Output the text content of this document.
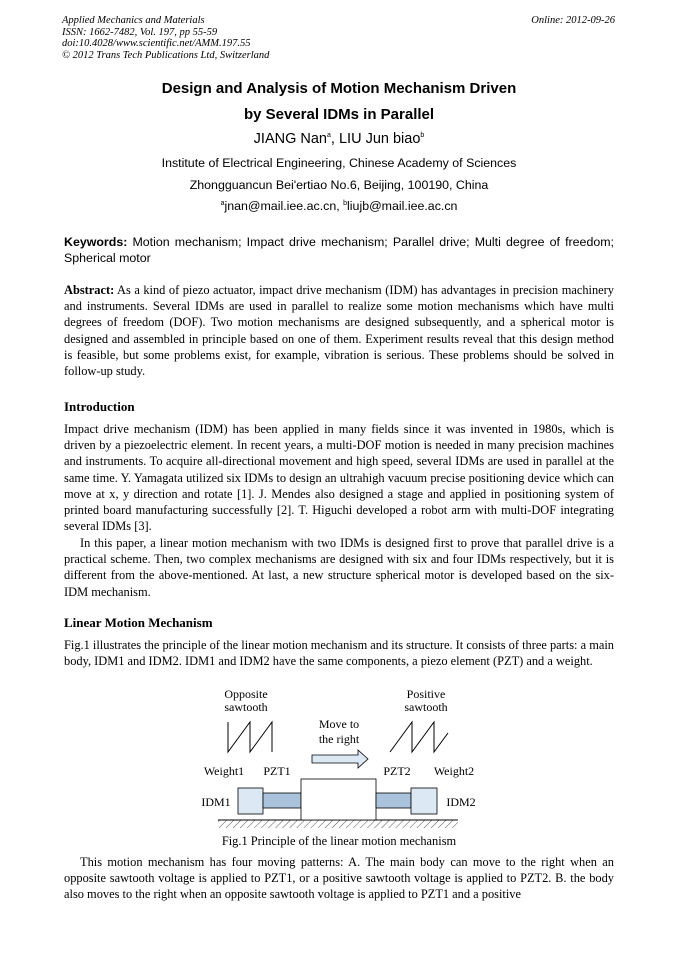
Applied Mechanics and Materials
ISSN: 1662-7482, Vol. 197, pp 55-59
doi:10.4028/www.scientific.net/AMM.197.55
© 2012 Trans Tech Publications Ltd, Switzerland
Online: 2012-09-26
Design and Analysis of Motion Mechanism Driven
by Several IDMs in Parallel
JIANG Nan$^a$, LIU Jun biao$^b$
Institute of Electrical Engineering, Chinese Academy of Sciences
Zhongguancun Bei'ertiao No.6, Beijing, 100190, China
$^a$jnan@mail.iee.ac.cn, $^b$liujb@mail.iee.ac.cn
Keywords: Motion mechanism; Impact drive mechanism; Parallel drive; Multi degree of freedom; Spherical motor
Abstract: As a kind of piezo actuator, impact drive mechanism (IDM) has advantages in precision machinery and instruments. Several IDMs are used in parallel to realize some motion mechanisms which have multi degrees of freedom (DOF). Two motion mechanisms are designed subsequently, and a spherical motor is designed and assembled in principle based on one of them. Experiment results reveal that this design method is feasible, but some problems exist, for example, vibration is serious. These problems should be solved in follow-up study.
Introduction
Impact drive mechanism (IDM) has been applied in many fields since it was invented in 1980s, which is driven by a piezoelectric element. In recent years, a multi-DOF motion is needed in many precision machines and instruments. To acquire all-directional movement and high speed, several IDMs are used in parallel at the same time. Y. Yamagata utilized six IDMs to design an ultrahigh vacuum precise positioning device which can move at x, y direction and rotate [1]. J. Mendes also designed a stage and applied in positioning system of printed board manufacturing successfully [2]. T. Higuchi developed a robot arm with multi-DOF integrating several IDMs [3].
In this paper, a linear motion mechanism with two IDMs is designed first to prove that parallel drive is a practical scheme. Then, two complex mechanisms are designed with six and four IDMs respectively, but it is different from the above-mentioned. At last, a new structure spherical motor is developed based on the six-IDM mechanism.
Linear Motion Mechanism
Fig.1 illustrates the principle of the linear motion mechanism and its structure. It consists of three parts: a main body, IDM1 and IDM2. IDM1 and IDM2 have the same components, a piezo element (PZT) and a weight.
Opposite
sawtooth
Positive
sawtooth
Move to
the right
Weight1 PZT1	PZT2 Weight2
IDM1	IDM2
Fig.1 Principle of the linear motion mechanism
This motion mechanism has four moving patterns: A. The main body can move to the right when an opposite sawtooth voltage is applied to PZT1, or a positive sawtooth voltage is applied to PZT2. B. the body also moves to the right when an opposite sawtooth voltage is applied to PZT1 and a positive
